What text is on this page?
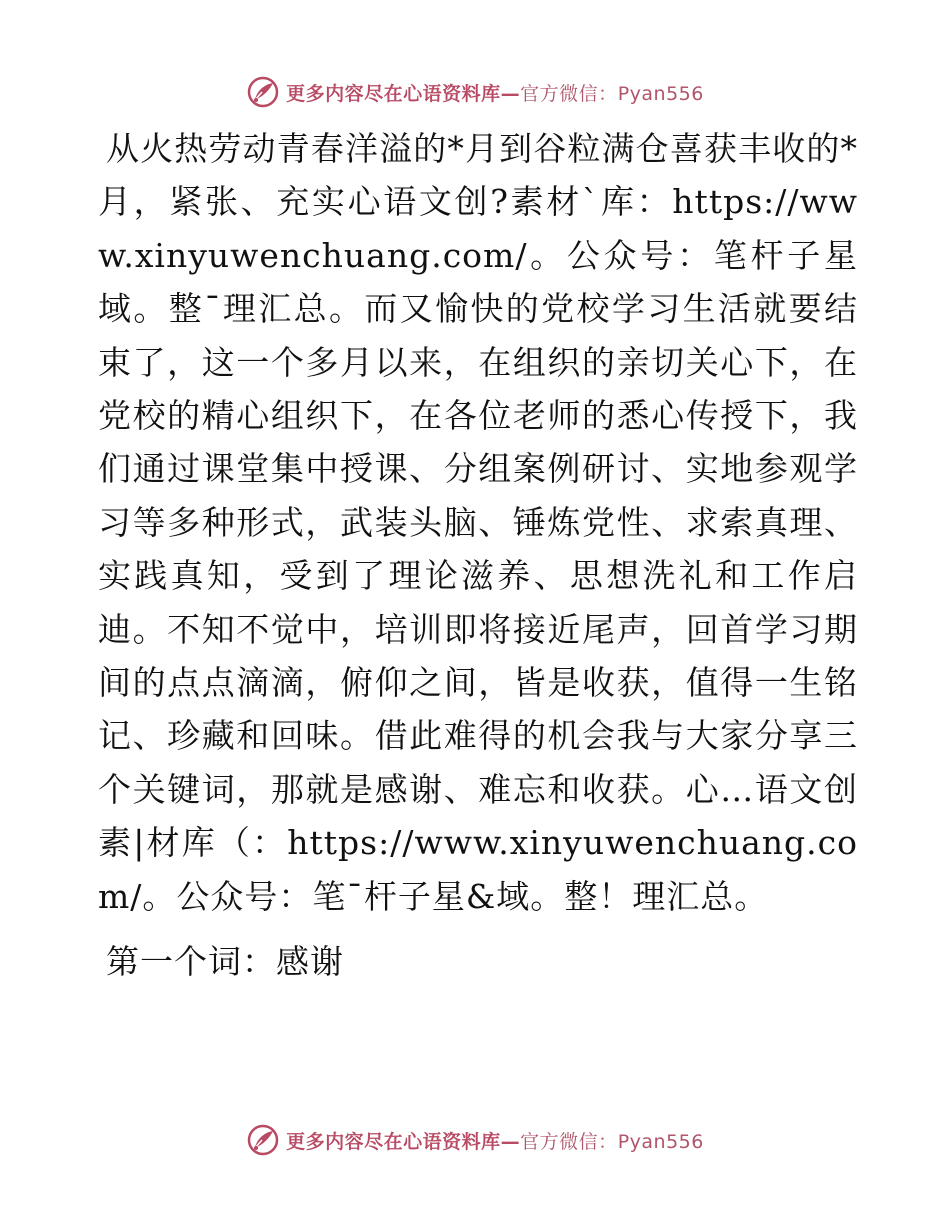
更多内容尽在心语资料库—官方微信：Pyan556

从火热劳动青春洋溢的*月到谷粒满仓喜获丰收的*月，紧张、充实心语文创?素材`库：https://www.xinyuwenchuang.com/。公众号：笔杆子星域。整¯理汇总。而又愉快的党校学习生活就要结束了，这一个多月以来，在组织的亲切关心下，在党校的精心组织下，在各位老师的悉心传授下，我们通过课堂集中授课、分组案例研讨、实地参观学习等多种形式，武装头脑、锤炼党性、求索真理、实践真知，受到了理论滋养、思想洗礼和工作启迪。不知不觉中，培训即将接近尾声，回首学习期间的点点滴滴，俯仰之间，皆是收获，值得一生铭记、珍藏和回味。借此难得的机会我与大家分享三个关键词，那就是感谢、难忘和收获。心…语文创素|材库（：https://www.xinyuwenchuang.com/。公众号：笔¯杆子星&域。整！理汇总。

第一个词：感谢

更多内容尽在心语资料库—官方微信：Pyan556
